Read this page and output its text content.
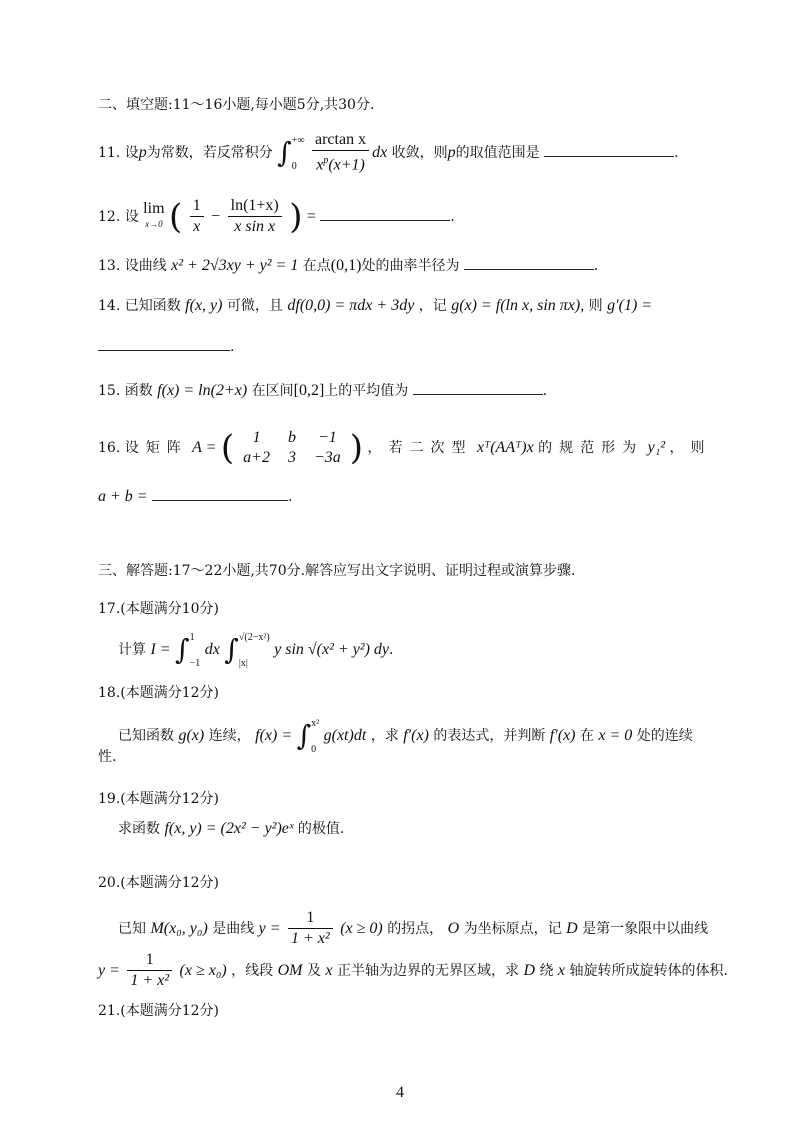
二、填空题:11～16小题,每小题5分,共30分.
11. 设p为常数，若反常积分 ∫+∞

$0 \frac{\text{arctan x}}{x^p(x+1)}$ dx 收敛，则p的取值范围是	.
12. 设 lim
x→0 ( $\frac{1}{x} - \frac{\ln(1+x)}{\text{x sin x}}$ ) =	.
13. 设曲线 x² + 2√3xy + y² = 1 在点(0,1)处的曲率半径为	.
14. 已知函数 f(x, y) 可微，且 df(0,0) = πdx + 3dy ，记 g(x) = f(ln x, sin πx), 则 g′(1) =
.
15. 函数 f(x) = ln(2+x) 在区间[0,2]上的平均值为	.
16. 设矩阵 A = ( 1	b	−1
a+2	3	−3a ) ，若二次型 xᵀ(AAᵀ)x 的规范形为 y₁² ，则
a + b =	.
三、解答题:17～22小题,共70分.解答应写出文字说明、证明过程或演算步骤.
17.(本题满分10分)
计算 I = ∫1

−1 dx ∫√(2−x²)

|x| y sin √(x² + y²) dy.
18.(本题满分12分)
已知函数 g(x) 连续， f(x) = ∫x²

0 g(xt)dt ，求 f′(x) 的表达式，并判断 f′(x) 在 x = 0 处的连续
性.
19.(本题满分12分)
求函数 f(x, y) = (2x² − y²)eˣ 的极值.
20.(本题满分12分)
已知 M(x₀, y₀) 是曲线 $y = \frac{1}{\text{1 + x²}} (x \ge 0)$ 的拐点， O 为坐标原点，记 D 是第一象限中以曲线
$y = \frac{1}{\text{1 + x²}} (x \ge x_0)$ ，线段 OM 及 x 正半轴为边界的无界区域，求 D 绕 x 轴旋转所成旋转体的体积.
21.(本题满分12分)
4
